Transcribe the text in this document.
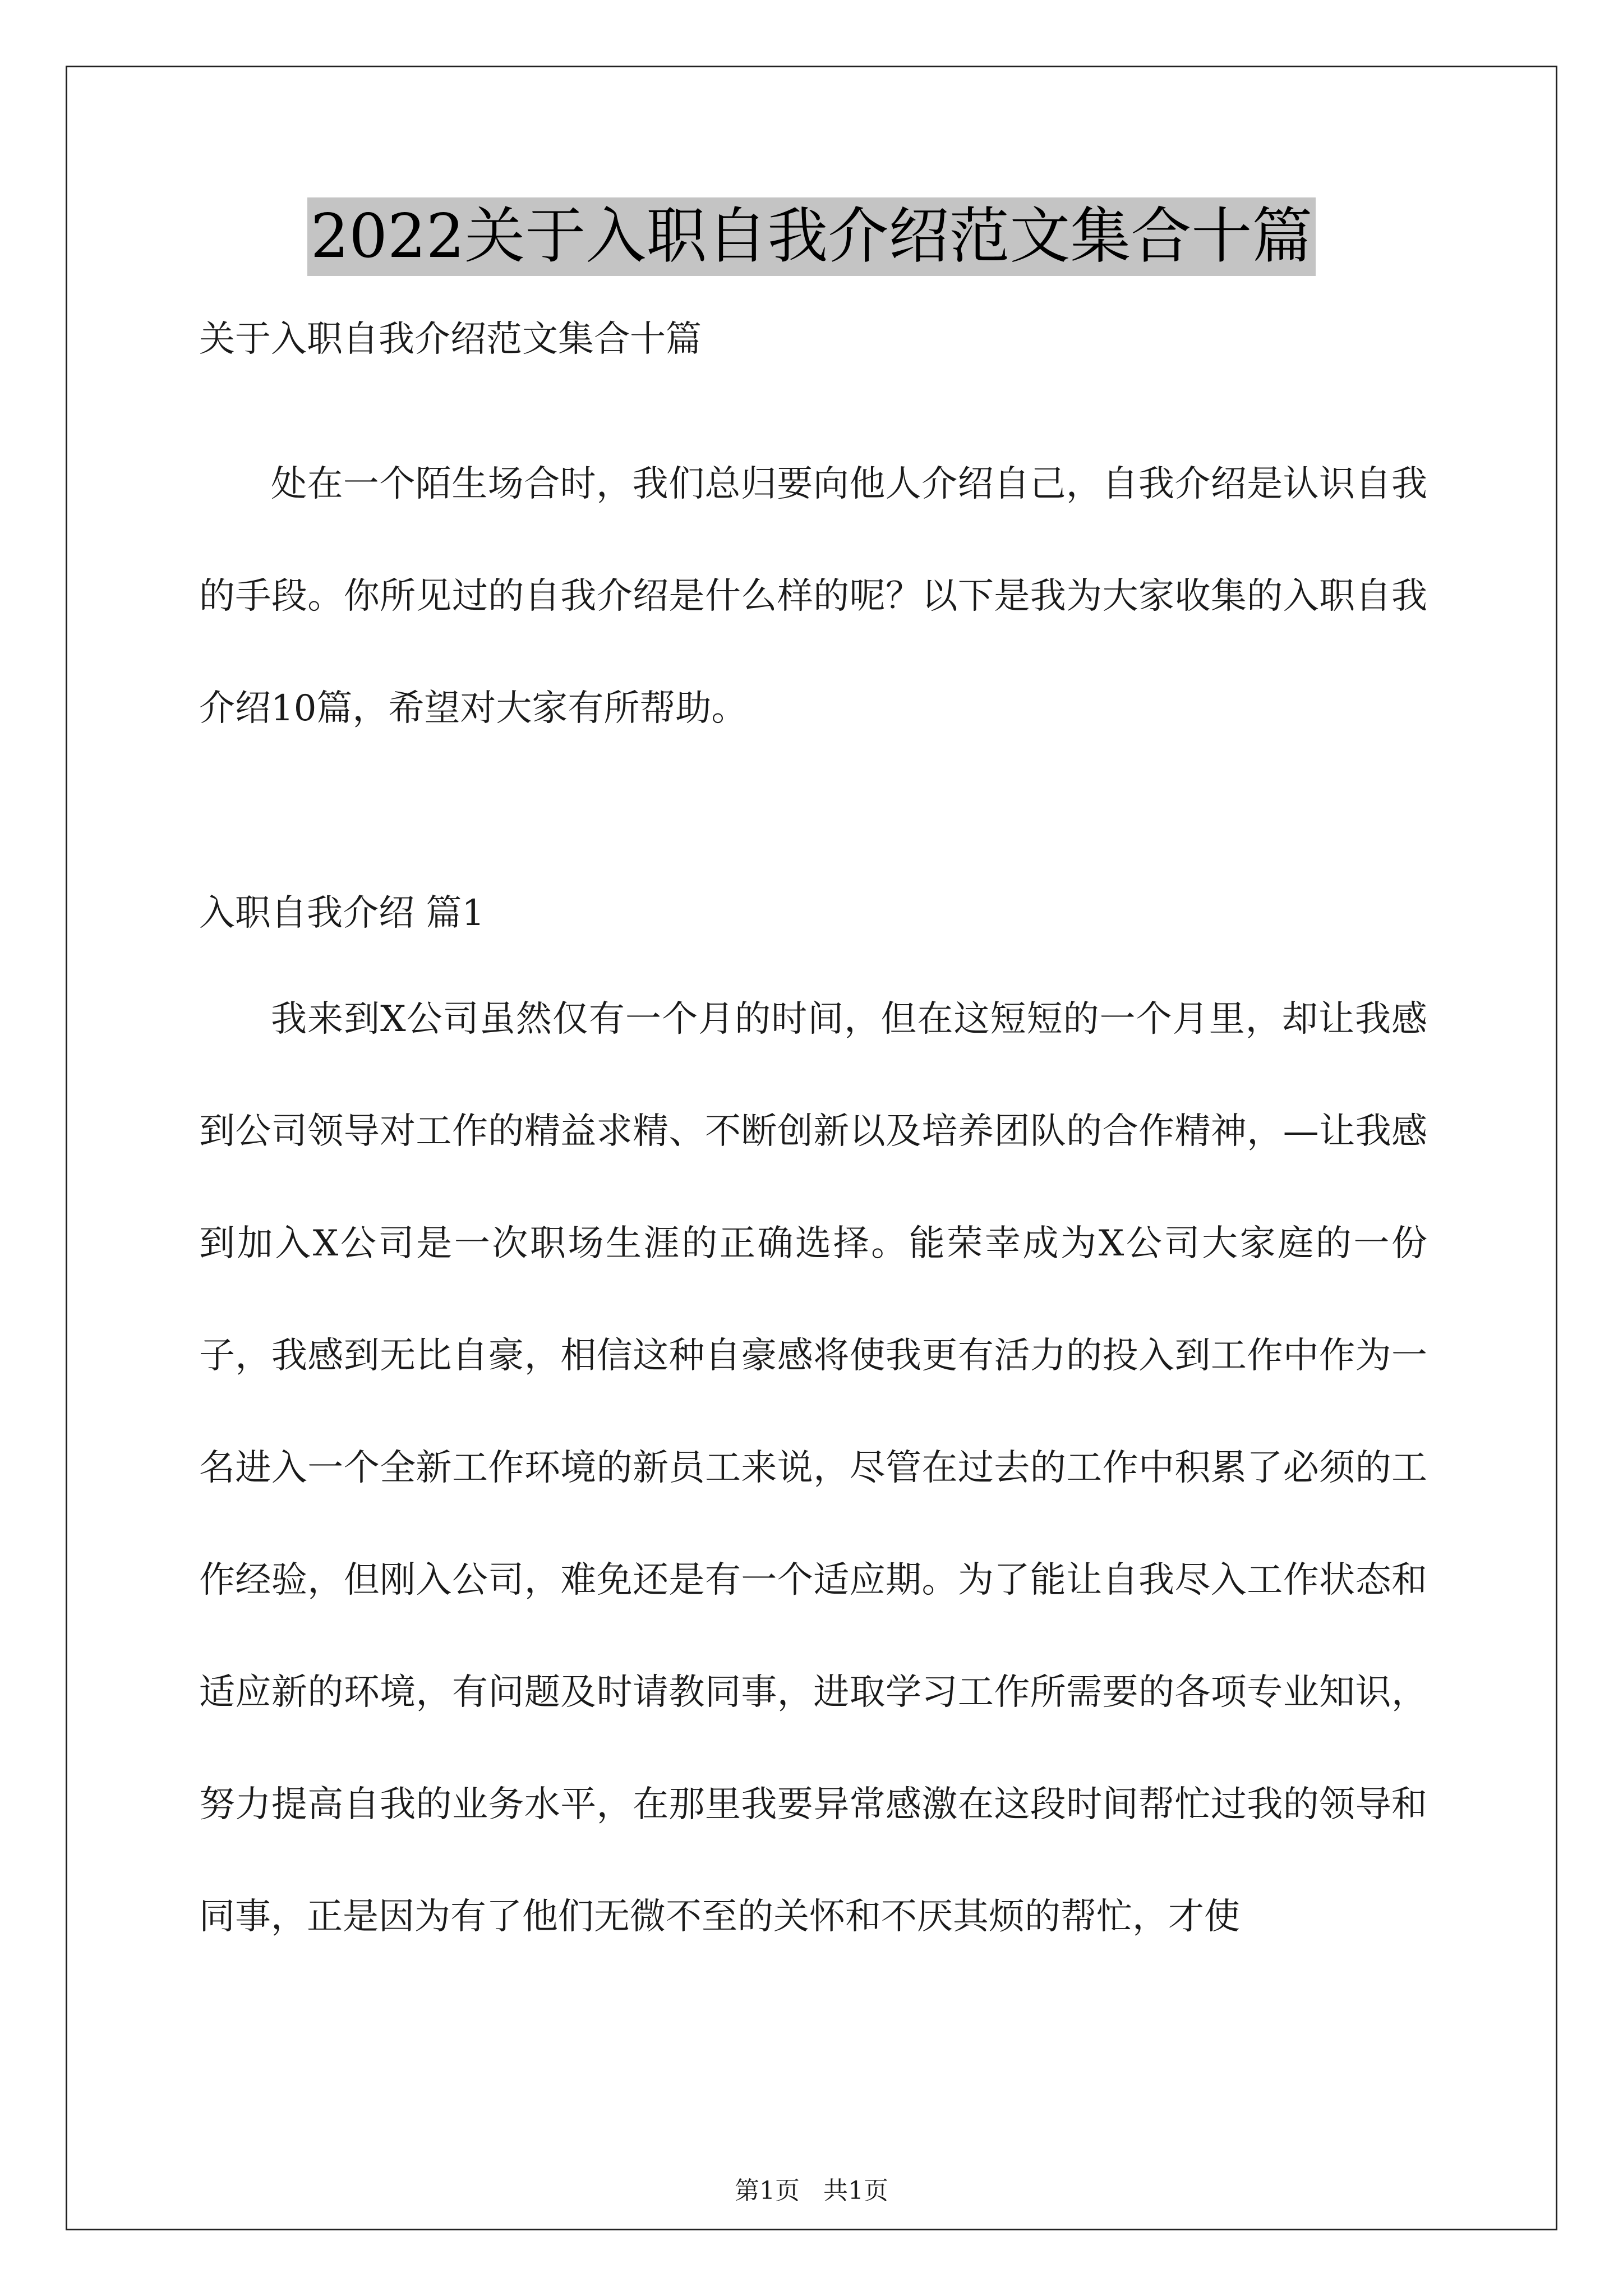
2022关于入职自我介绍范文集合十篇
关于入职自我介绍范文集合十篇
处在一个陌生场合时，我们总归要向他人介绍自己，自我介绍是认识自我的手段。你所见过的自我介绍是什么样的呢？以下是我为大家收集的入职自我介绍10篇，希望对大家有所帮助。
入职自我介绍 篇1
我来到X公司虽然仅有一个月的时间，但在这短短的一个月里，却让我感到公司领导对工作的精益求精、不断创新以及培养团队的合作精神，—让我感到加入X公司是一次职场生涯的正确选择。能荣幸成为X公司大家庭的一份子，我感到无比自豪，相信这种自豪感将使我更有活力的投入到工作中作为一名进入一个全新工作环境的新员工来说，尽管在过去的工作中积累了必须的工作经验，但刚入公司，难免还是有一个适应期。为了能让自我尽入工作状态和适应新的环境，有问题及时请教同事，进取学习工作所需要的各项专业知识，努力提高自我的业务水平，在那里我要异常感激在这段时间帮忙过我的领导和同事，正是因为有了他们无微不至的关怀和不厌其烦的帮忙，才使
第1页 共1页
